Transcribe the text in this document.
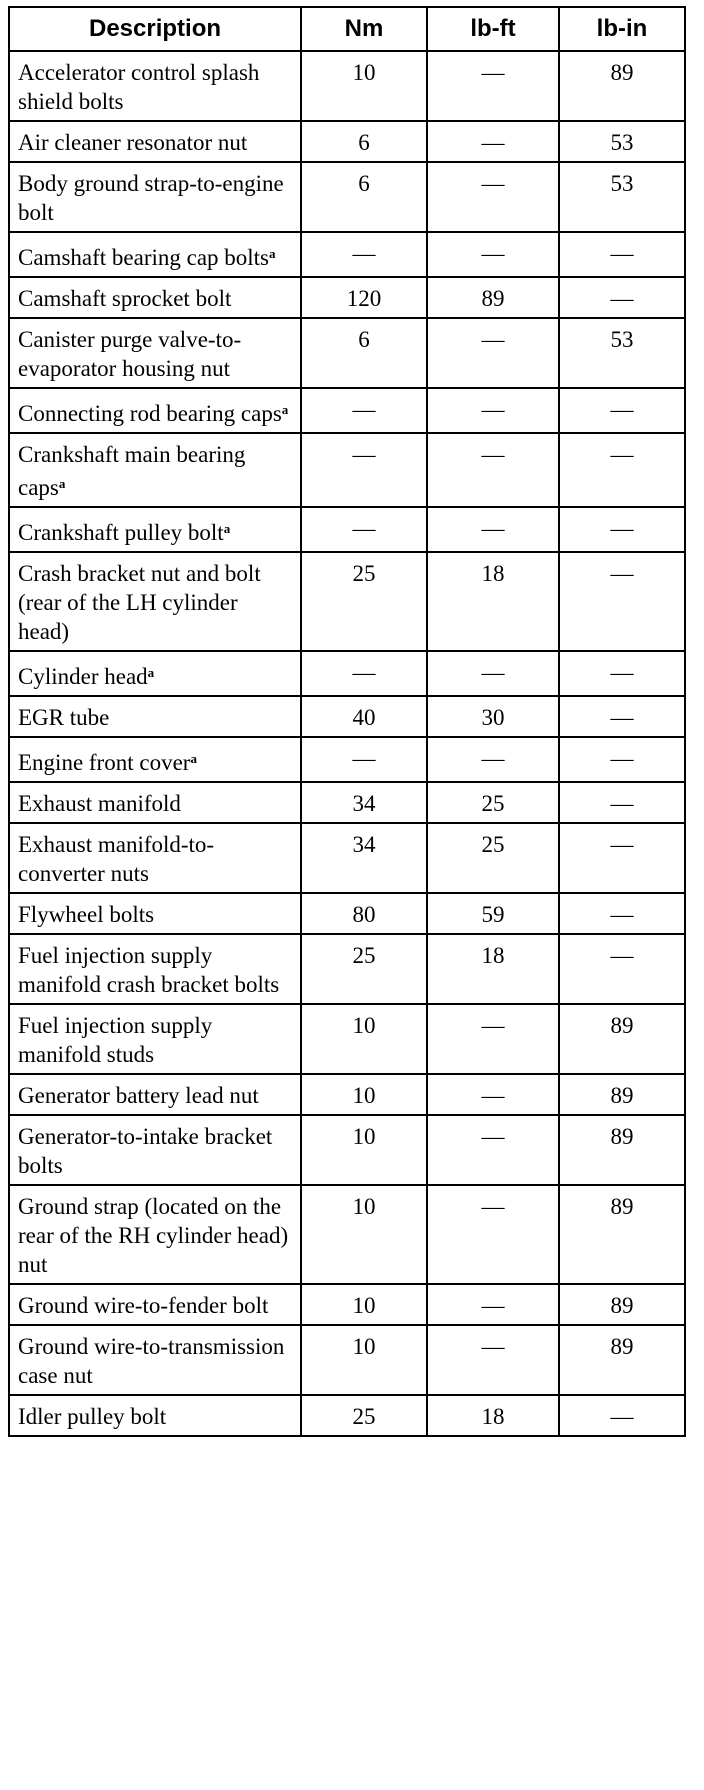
Description	Nm	lb-ft	lb-in
Accelerator control splash shield bolts	10	—	89
Air cleaner resonator nut	6	—	53
Body ground strap-to-engine bolt	6	—	53
Camshaft bearing cap bolts$^a$	—	—	—
Camshaft sprocket bolt	120	89	—
Canister purge valve-to-evaporator housing nut	6	—	53
Connecting rod bearing caps$^a$	—	—	—
Crankshaft main bearing caps$^a$	—	—	—
Crankshaft pulley bolt$^a$	—	—	—
Crash bracket nut and bolt (rear of the LH cylinder head)	25	18	—
Cylinder head$^a$	—	—	—
EGR tube	40	30	—
Engine front cover$^a$	—	—	—
Exhaust manifold	34	25	—
Exhaust manifold-to-converter nuts	34	25	—
Flywheel bolts	80	59	—
Fuel injection supply manifold crash bracket bolts	25	18	—
Fuel injection supply manifold studs	10	—	89
Generator battery lead nut	10	—	89
Generator-to-intake bracket bolts	10	—	89
Ground strap (located on the rear of the RH cylinder head) nut	10	—	89
Ground wire-to-fender bolt	10	—	89
Ground wire-to-transmission case nut	10	—	89
Idler pulley bolt	25	18	—
